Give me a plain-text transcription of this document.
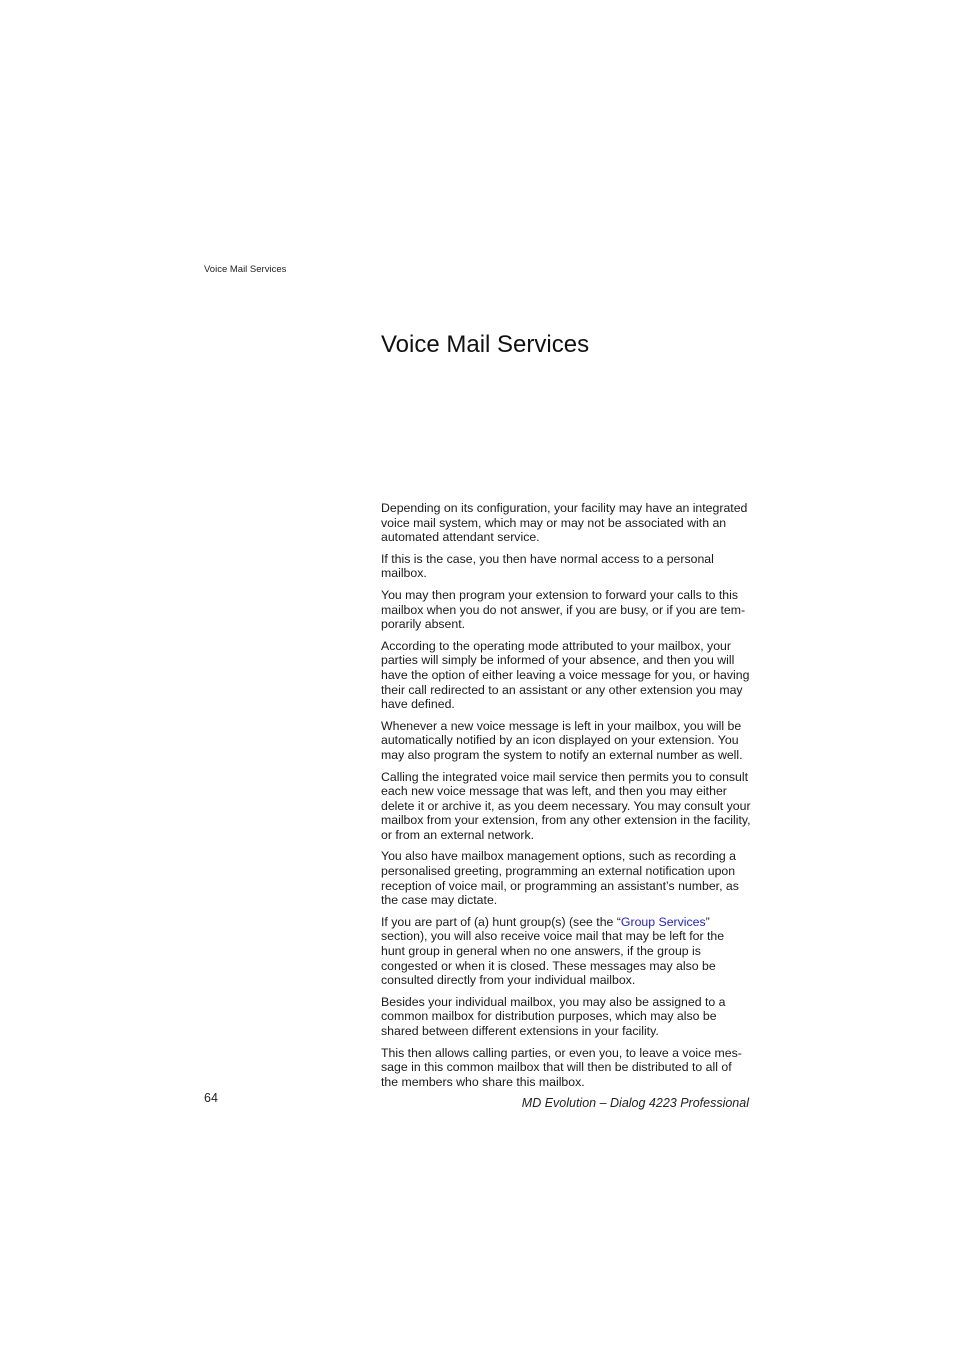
Voice Mail Services
Voice Mail Services

Depending on its configuration, your facility may have an integrated voice mail system, which may or may not be associated with an automated attendant service.

If this is the case, you then have normal access to a personal mailbox.

You may then program your extension to forward your calls to this mailbox when you do not answer, if you are busy, or if you are tem-porarily absent.

According to the operating mode attributed to your mailbox, your parties will simply be informed of your absence, and then you will have the option of either leaving a voice message for you, or having their call redirected to an assistant or any other extension you may have defined.

Whenever a new voice message is left in your mailbox, you will be automatically notified by an icon displayed on your extension. You may also program the system to notify an external number as well.

Calling the integrated voice mail service then permits you to consult each new voice message that was left, and then you may either delete it or archive it, as you deem necessary. You may consult your mailbox from your extension, from any other extension in the facility, or from an external network.

You also have mailbox management options, such as recording a personalised greeting, programming an external notification upon reception of voice mail, or programming an assistant’s number, as the case may dictate.

If you are part of (a) hunt group(s) (see the “Group Services” section), you will also receive voice mail that may be left for the hunt group in general when no one answers, if the group is congested or when it is closed. These messages may also be consulted directly from your individual mailbox.

Besides your individual mailbox, you may also be assigned to a common mailbox for distribution purposes, which may also be shared between different extensions in your facility.

This then allows calling parties, or even you, to leave a voice mes-sage in this common mailbox that will then be distributed to all of the members who share this mailbox.

64	MD Evolution – Dialog 4223 Professional
